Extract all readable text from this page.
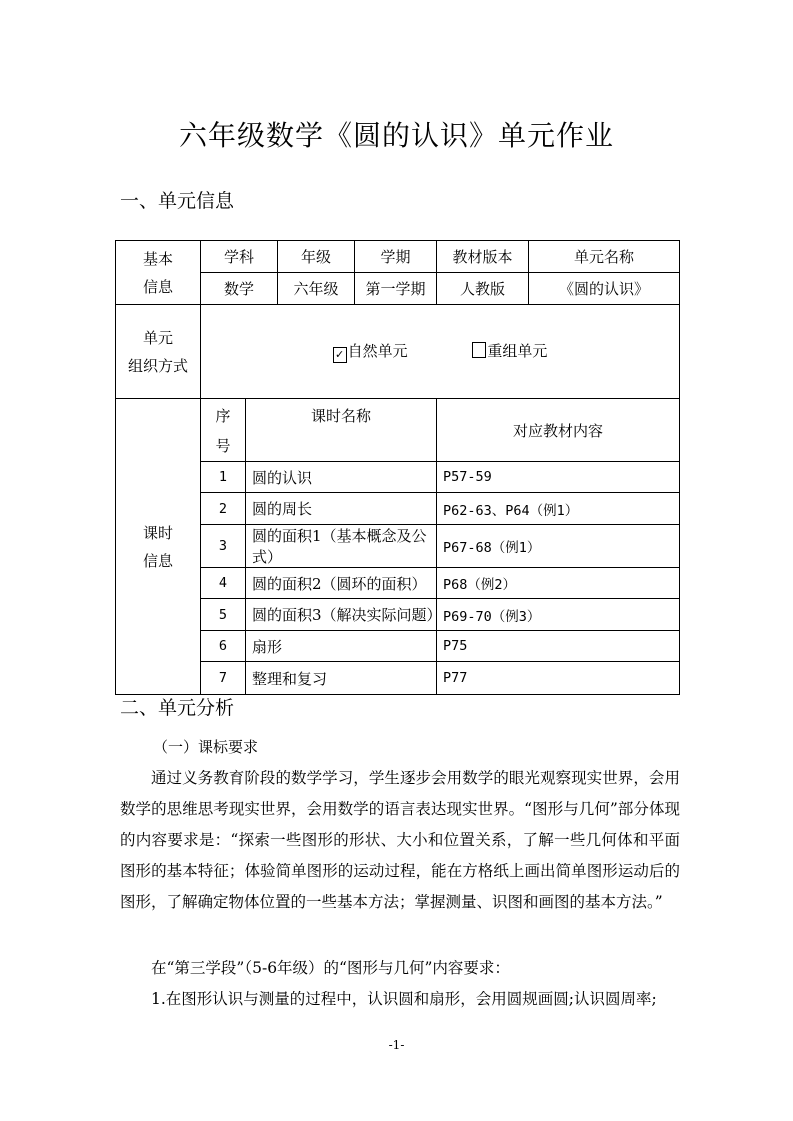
六年级数学《圆的认识》单元作业
一、单元信息
基本
信息	学科		年级	学期	教材版本	单元名称
	数学		六年级	第一学期	人教版	《圆的认识》
单元
组织方式	✓ 自然单元 重组单元					
课时
信息	序
号	课时名称			对应教材内容	
	1	圆的认识			P57-59	
	2	圆的周长			P62-63、P64（例1）	
	3	圆的面积1（基本概念及公式）			P67-68（例1）	
	4	圆的面积2（圆环的面积）			P68（例2）	
	5	圆的面积3（解决实际问题）			P69-70（例3）	
	6	扇形			P75	
	7	整理和复习			P77	
二、单元分析
（一）课标要求
通过义务教育阶段的数学学习，学生逐步会用数学的眼光观察现实世界，会用数学的思维思考现实世界，会用数学的语言表达现实世界。“图形与几何”部分体现的内容要求是：“探索一些图形的形状、大小和位置关系，了解一些几何体和平面图形的基本特征；体验简单图形的运动过程，能在方格纸上画出简单图形运动后的图形，了解确定物体位置的一些基本方法；掌握测量、识图和画图的基本方法。”
在“第三学段”（5-6年级）的“图形与几何”内容要求：
1.在图形认识与测量的过程中，认识圆和扇形，会用圆规画圆;认识圆周率;
-1-
